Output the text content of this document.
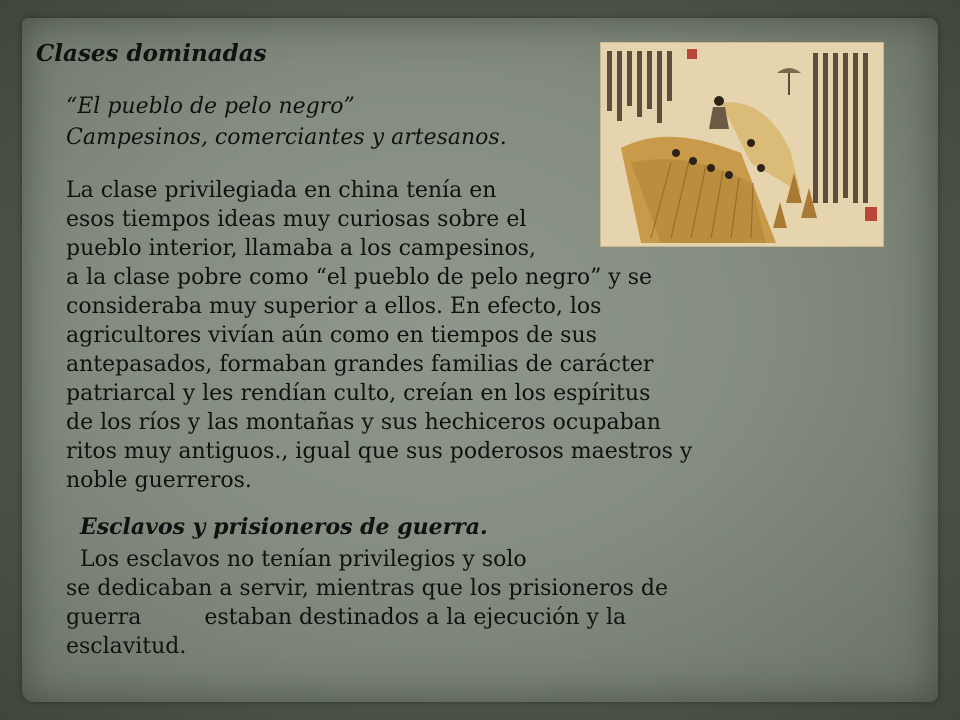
Clases dominadas
“El pueblo de pelo negro”
Campesinos, comerciantes y artesanos.
La clase privilegiada en china tenía en
esos tiempos ideas muy curiosas sobre el
pueblo interior, llamaba a los campesinos,
a la clase pobre como “el pueblo de pelo negro” y se
consideraba muy superior a ellos. En efecto, los
agricultores vivían aún como en tiempos de sus
antepasados, formaban grandes familias de carácter
patriarcal y les rendían culto, creían en los espíritus
de los ríos y las montañas y sus hechiceros ocupaban
ritos muy antiguos., igual que sus poderosos maestros y
noble guerreros.
Esclavos y prisioneros de guerra.
Los esclavos no tenían privilegios y solo
se dedicaban a servir, mientras que los prisioneros de
guerra         estaban destinados a la ejecución y la
esclavitud.
